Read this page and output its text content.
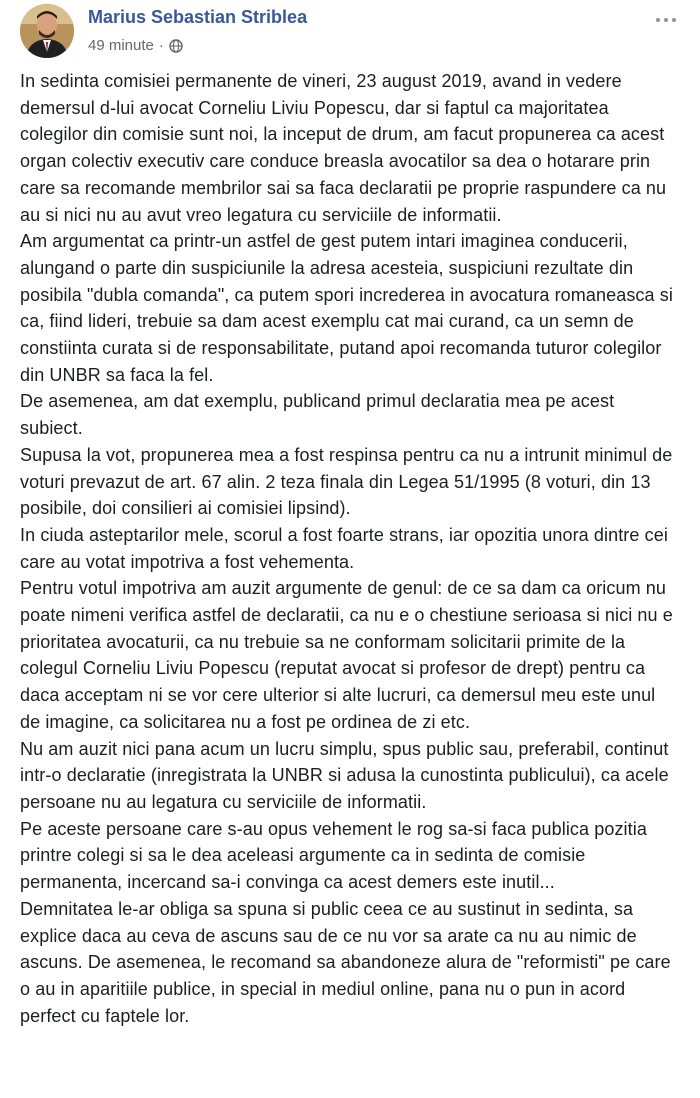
Marius Sebastian Striblea
49 minute ·

In sedinta comisiei permanente de vineri, 23 august 2019, avand in vedere demersul d-lui avocat Corneliu Liviu Popescu, dar si faptul ca majoritatea colegilor din comisie sunt noi, la inceput de drum, am facut propunerea ca acest organ colectiv executiv care conduce breasla avocatilor sa dea o hotarare prin care sa recomande membrilor sai sa faca declaratii pe proprie raspundere ca nu au si nici nu au avut vreo legatura cu serviciile de informatii.

Am argumentat ca printr-un astfel de gest putem intari imaginea conducerii, alungand o parte din suspiciunile la adresa acesteia, suspiciuni rezultate din posibila "dubla comanda", ca putem spori increderea in avocatura romaneasca si ca, fiind lideri, trebuie sa dam acest exemplu cat mai curand, ca un semn de constiinta curata si de responsabilitate, putand apoi recomanda tuturor colegilor din UNBR sa faca la fel.

De asemenea, am dat exemplu, publicand primul declaratia mea pe acest subiect.

Supusa la vot, propunerea mea a fost respinsa pentru ca nu a intrunit minimul de voturi prevazut de art. 67 alin. 2 teza finala din Legea 51/1995 (8 voturi, din 13 posibile, doi consilieri ai comisiei lipsind).

In ciuda asteptarilor mele, scorul a fost foarte strans, iar opozitia unora dintre cei care au votat impotriva a fost vehementa.

Pentru votul impotriva am auzit argumente de genul: de ce sa dam ca oricum nu poate nimeni verifica astfel de declaratii, ca nu e o chestiune serioasa si nici nu e prioritatea avocaturii, ca nu trebuie sa ne conformam solicitarii primite de la colegul Corneliu Liviu Popescu (reputat avocat si profesor de drept) pentru ca daca acceptam ni se vor cere ulterior si alte lucruri, ca demersul meu este unul de imagine, ca solicitarea nu a fost pe ordinea de zi etc.

Nu am auzit nici pana acum un lucru simplu, spus public sau, preferabil, continut intr-o declaratie (inregistrata la UNBR si adusa la cunostinta publicului), ca acele persoane nu au legatura cu serviciile de informatii.

Pe aceste persoane care s-au opus vehement le rog sa-si faca publica pozitia printre colegi si sa le dea aceleasi argumente ca in sedinta de comisie permanenta, incercand sa-i convinga ca acest demers este inutil...

Demnitatea le-ar obliga sa spuna si public ceea ce au sustinut in sedinta, sa explice daca au ceva de ascuns sau de ce nu vor sa arate ca nu au nimic de ascuns. De asemenea, le recomand sa abandoneze alura de "reformisti" pe care o au in aparitiile publice, in special in mediul online, pana nu o pun in acord perfect cu faptele lor.
